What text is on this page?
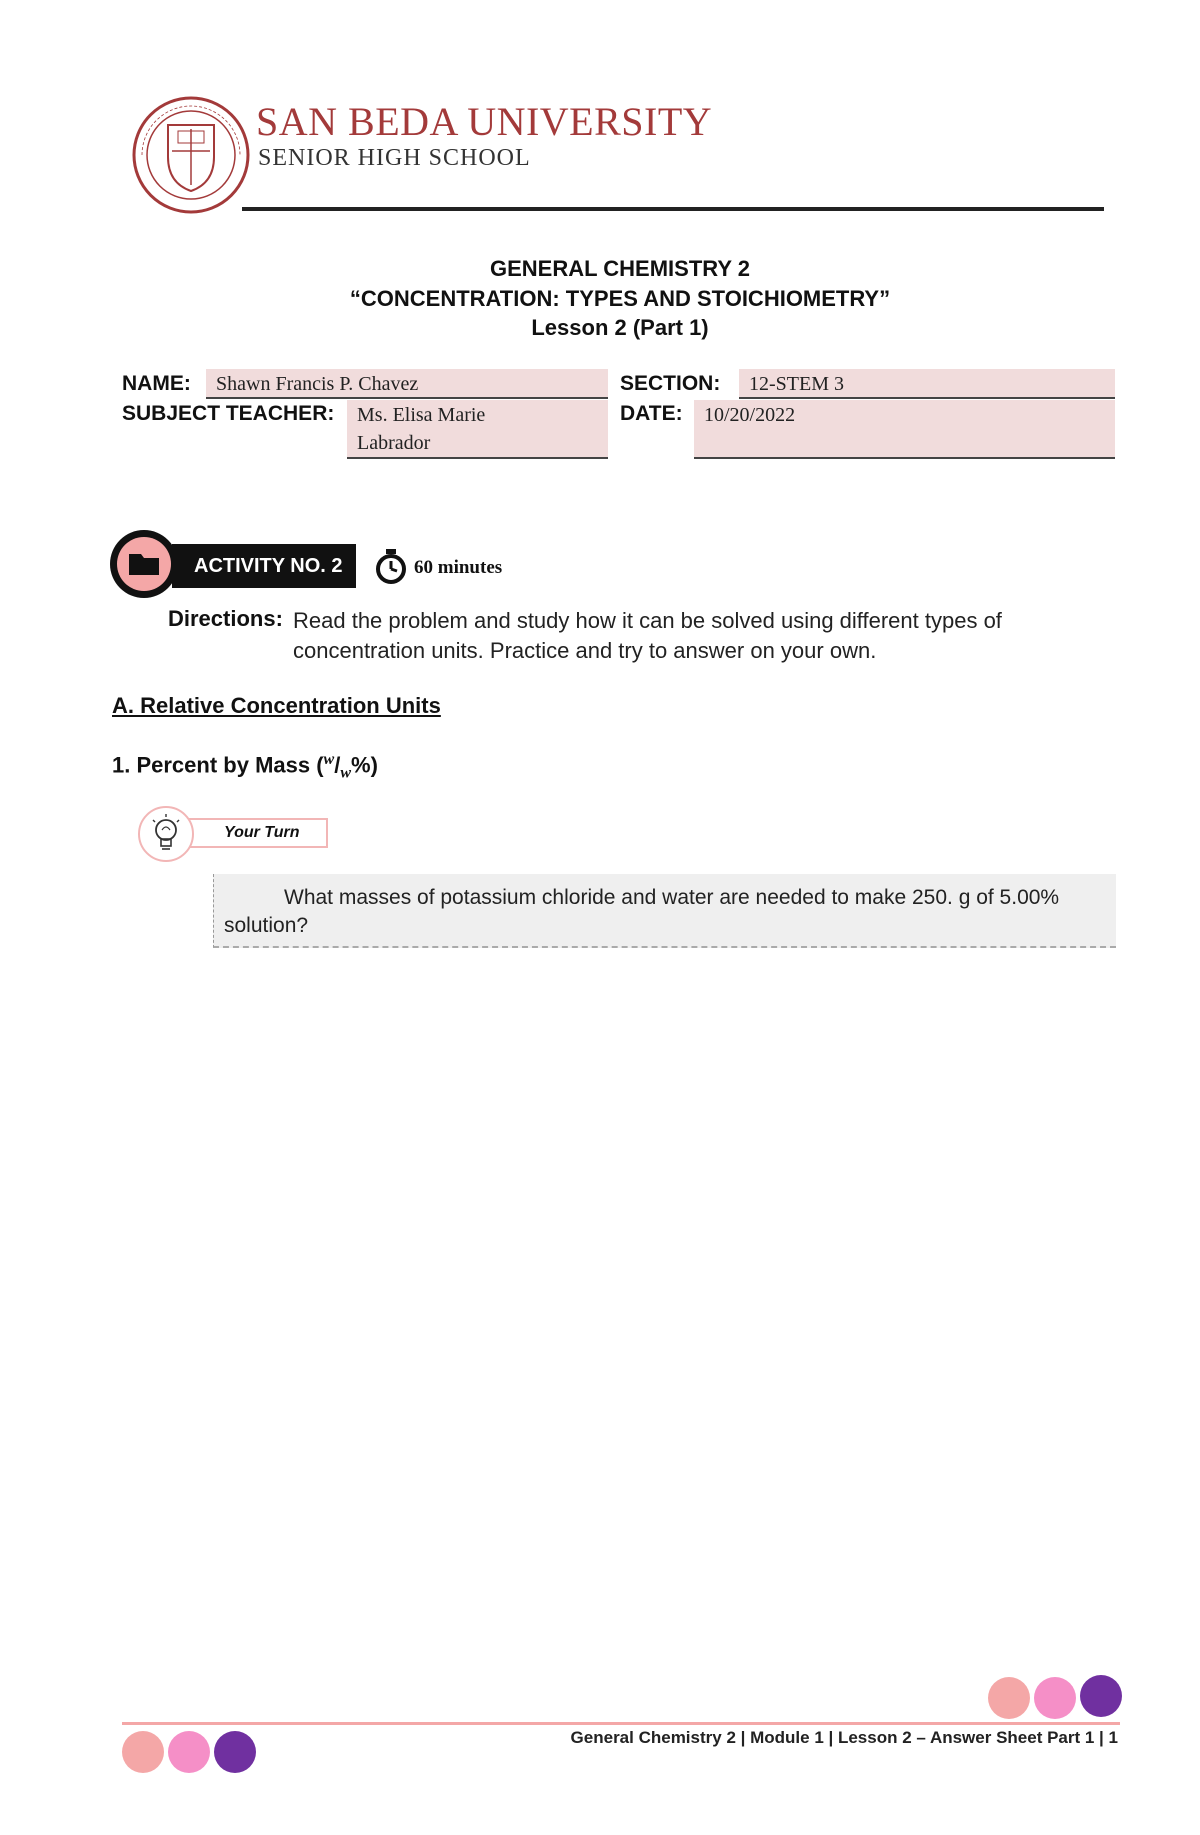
SAN BEDA UNIVERSITY
SENIOR HIGH SCHOOL
GENERAL CHEMISTRY 2
“CONCENTRATION: TYPES AND STOICHIOMETRY”
Lesson 2 (Part 1)
NAME:	Shawn Francis P. Chavez	SECTION:	12-STEM 3
SUBJECT TEACHER: Ms. Elisa Marie
Labrador
DATE:	10/20/2022
ACTIVITY NO. 2	60 minutes
Directions: Read the problem and study how it can be solved using different types of concentration units. Practice and try to answer on your own.
A. Relative Concentration Units
1. Percent by Mass $(^w/_w\%)$
Your Turn
What masses of potassium chloride and water are needed to make 250. g of 5.00% solution?
General Chemistry 2 | Module 1 | Lesson 2 – Answer Sheet Part 1 | 1
